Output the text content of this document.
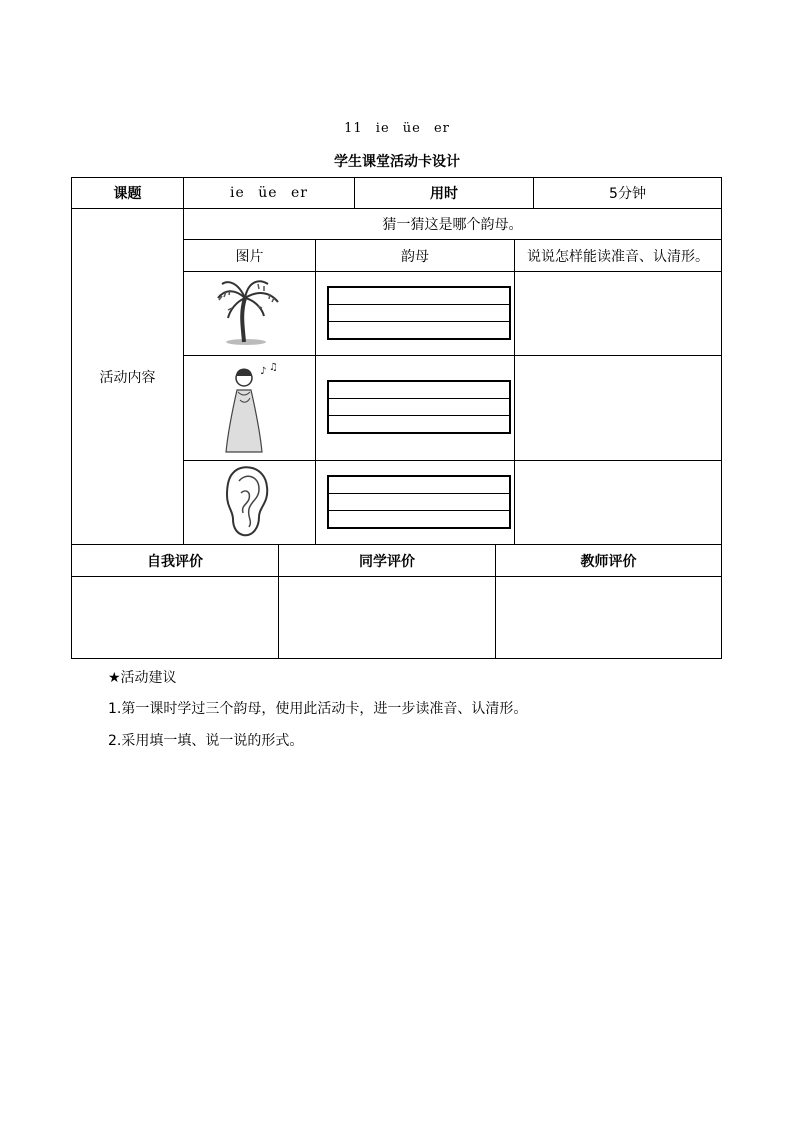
11 ie üe er
学生课堂活动卡设计
课题	ie üe er	用时	5分钟
活动内容
猜一猜这是哪个韵母。
图片	韵母	说说怎样能读准音、认清形。
♪ ♫
自我评价	同学评价	教师评价
★活动建议
1.第一课时学过三个韵母，使用此活动卡，进一步读准音、认清形。
2.采用填一填、说一说的形式。
